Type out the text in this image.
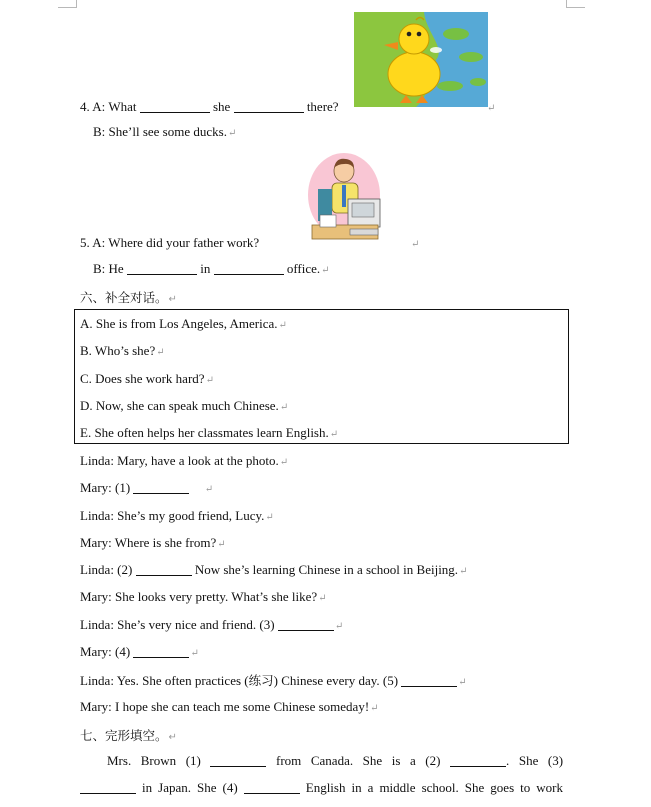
4. A: What	she	there?	↵
B: She’ll see some ducks.↵
5. A: Where did your father work?	↵
B: He	in	office.↵
六、补全对话。↵
A. She is from Los Angeles, America.↵
B. Who’s she?↵
C. Does she work hard?↵
D. Now, she can speak much Chinese.↵
E. She often helps her classmates learn English.↵
Linda: Mary, have a look at the photo.↵
Mary: (1)	↵
Linda: She’s my good friend, Lucy.↵
Mary: Where is she from?↵
Linda: (2)	Now she’s learning Chinese in a school in Beijing.↵
Mary: She looks very pretty. What’s she like?↵
Linda: She’s very nice and friend. (3)	↵
Mary: (4)	↵
Linda: Yes. She often practices (练习) Chinese every day. (5)	↵
Mary: I hope she can teach me some Chinese someday!↵
七、完形填空。↵
Mrs. Brown (1)	from Canada. She is a (2)	. She (3)
in Japan. She (4)	English in a middle school. She goes to work
